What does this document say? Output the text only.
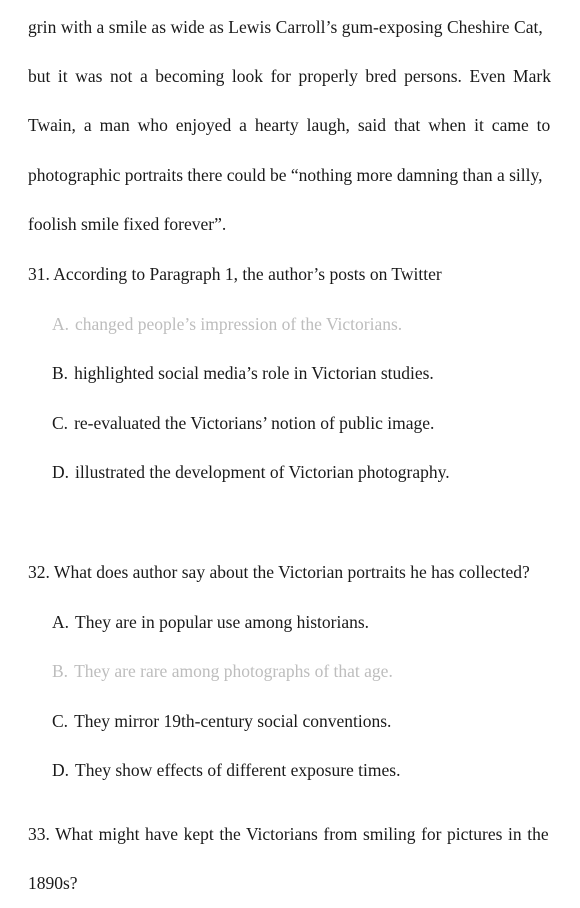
grin with a smile as wide as Lewis Carroll’s gum-exposing Cheshire Cat,
but it was not a becoming look for properly bred persons. Even Mark
Twain, a man who enjoyed a hearty laugh, said that when it came to
photographic portraits there could be “nothing more damning than a silly,
foolish smile fixed forever”.
31. According to Paragraph 1, the author’s posts on Twitter
A. changed people’s impression of the Victorians.
B. highlighted social media’s role in Victorian studies.
C. re-evaluated the Victorians’ notion of public image.
D. illustrated the development of Victorian photography.
32. What does author say about the Victorian portraits he has collected?
A. They are in popular use among historians.
B. They are rare among photographs of that age.
C. They mirror 19th-century social conventions.
D. They show effects of different exposure times.
33. What might have kept the Victorians from smiling for pictures in the
1890s?
